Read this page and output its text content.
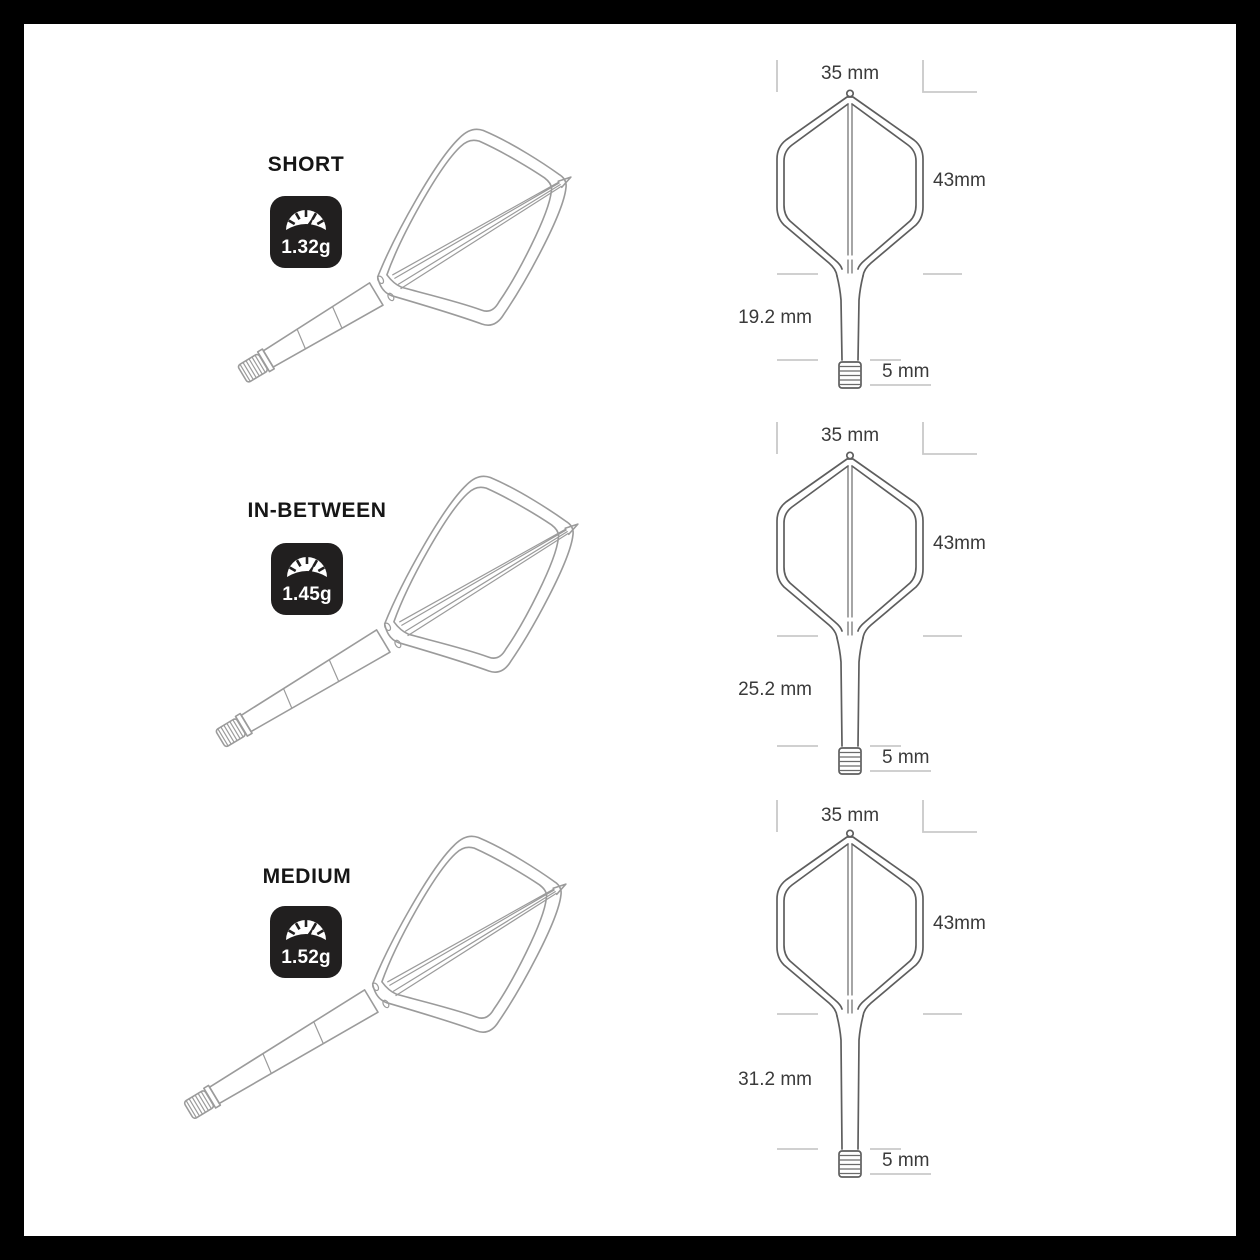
SHORT
1.32g
35 mm
43mm
19.2 mm
5 mm
IN-BETWEEN
1.45g
35 mm
43mm
25.2 mm
5 mm
MEDIUM
1.52g
35 mm
43mm
31.2 mm
5 mm
